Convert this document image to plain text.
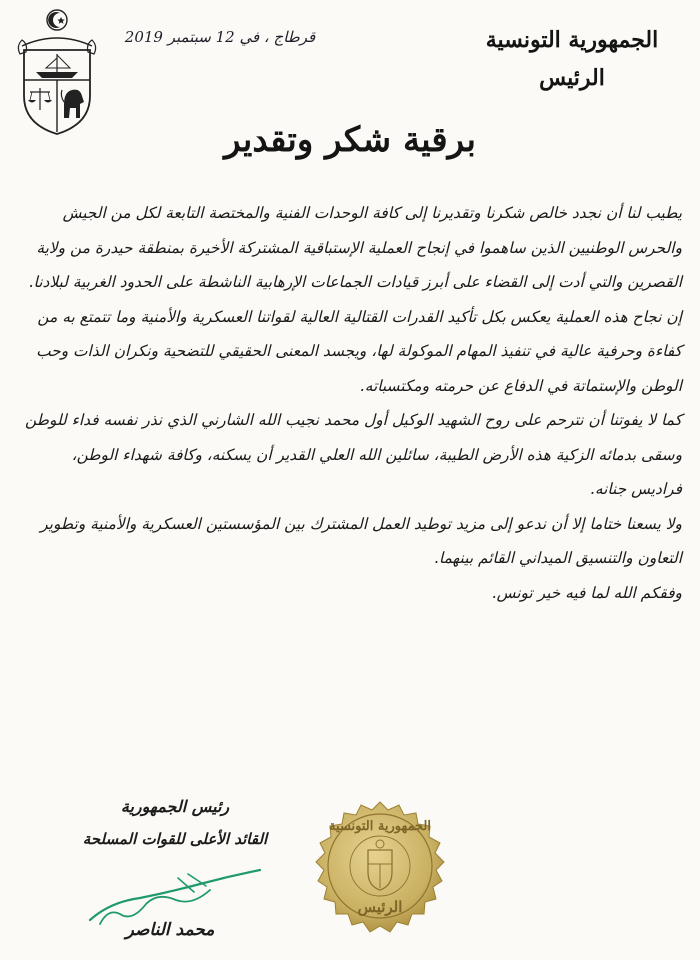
قرطاج ، في 12 سبتمبر 2019	الجمهورية التونسية
الرئيس
برقية شكر وتقدير

يطيب لنا أن نجدد خالص شكرنا وتقديرنا إلى كافة الوحدات الفنية والمختصة التابعة لكل من الجيش والحرس الوطنيين الذين ساهموا في إنجاح العملية الإستباقية المشتركة الأخيرة بمنطقة حيدرة من ولاية القصرين والتي أدت إلى القضاء على أبرز قيادات الجماعات الإرهابية الناشطة على الحدود الغربية لبلادنا.

إن نجاح هذه العملية يعكس بكل تأكيد القدرات القتالية العالية لقواتنا العسكرية والأمنية وما تتمتع به من كفاءة وحرفية عالية في تنفيذ المهام الموكولة لها، ويجسد المعنى الحقيقي للتضحية ونكران الذات وحب الوطن والإستماتة في الدفاع عن حرمته ومكتسباته.

كما لا يفوتنا أن نترحم على روح الشهيد الوكيل أول محمد نجيب الله الشارني الذي نذر نفسه فداء للوطن وسقى بدمائه الزكية هذه الأرض الطيبة، سائلين الله العلي القدير أن يسكنه، وكافة شهداء الوطن، فراديس جنانه.

ولا يسعنا ختاما إلا أن ندعو إلى مزيد توطيد العمل المشترك بين المؤسستين العسكرية والأمنية وتطوير التعاون والتنسيق الميداني القائم بينهما.

وفقكم الله لما فيه خير تونس.

رئيس الجمهورية
القائد الأعلى للقوات المسلحة
محمد الناصر
الجمهورية التونسية
الرئيس
